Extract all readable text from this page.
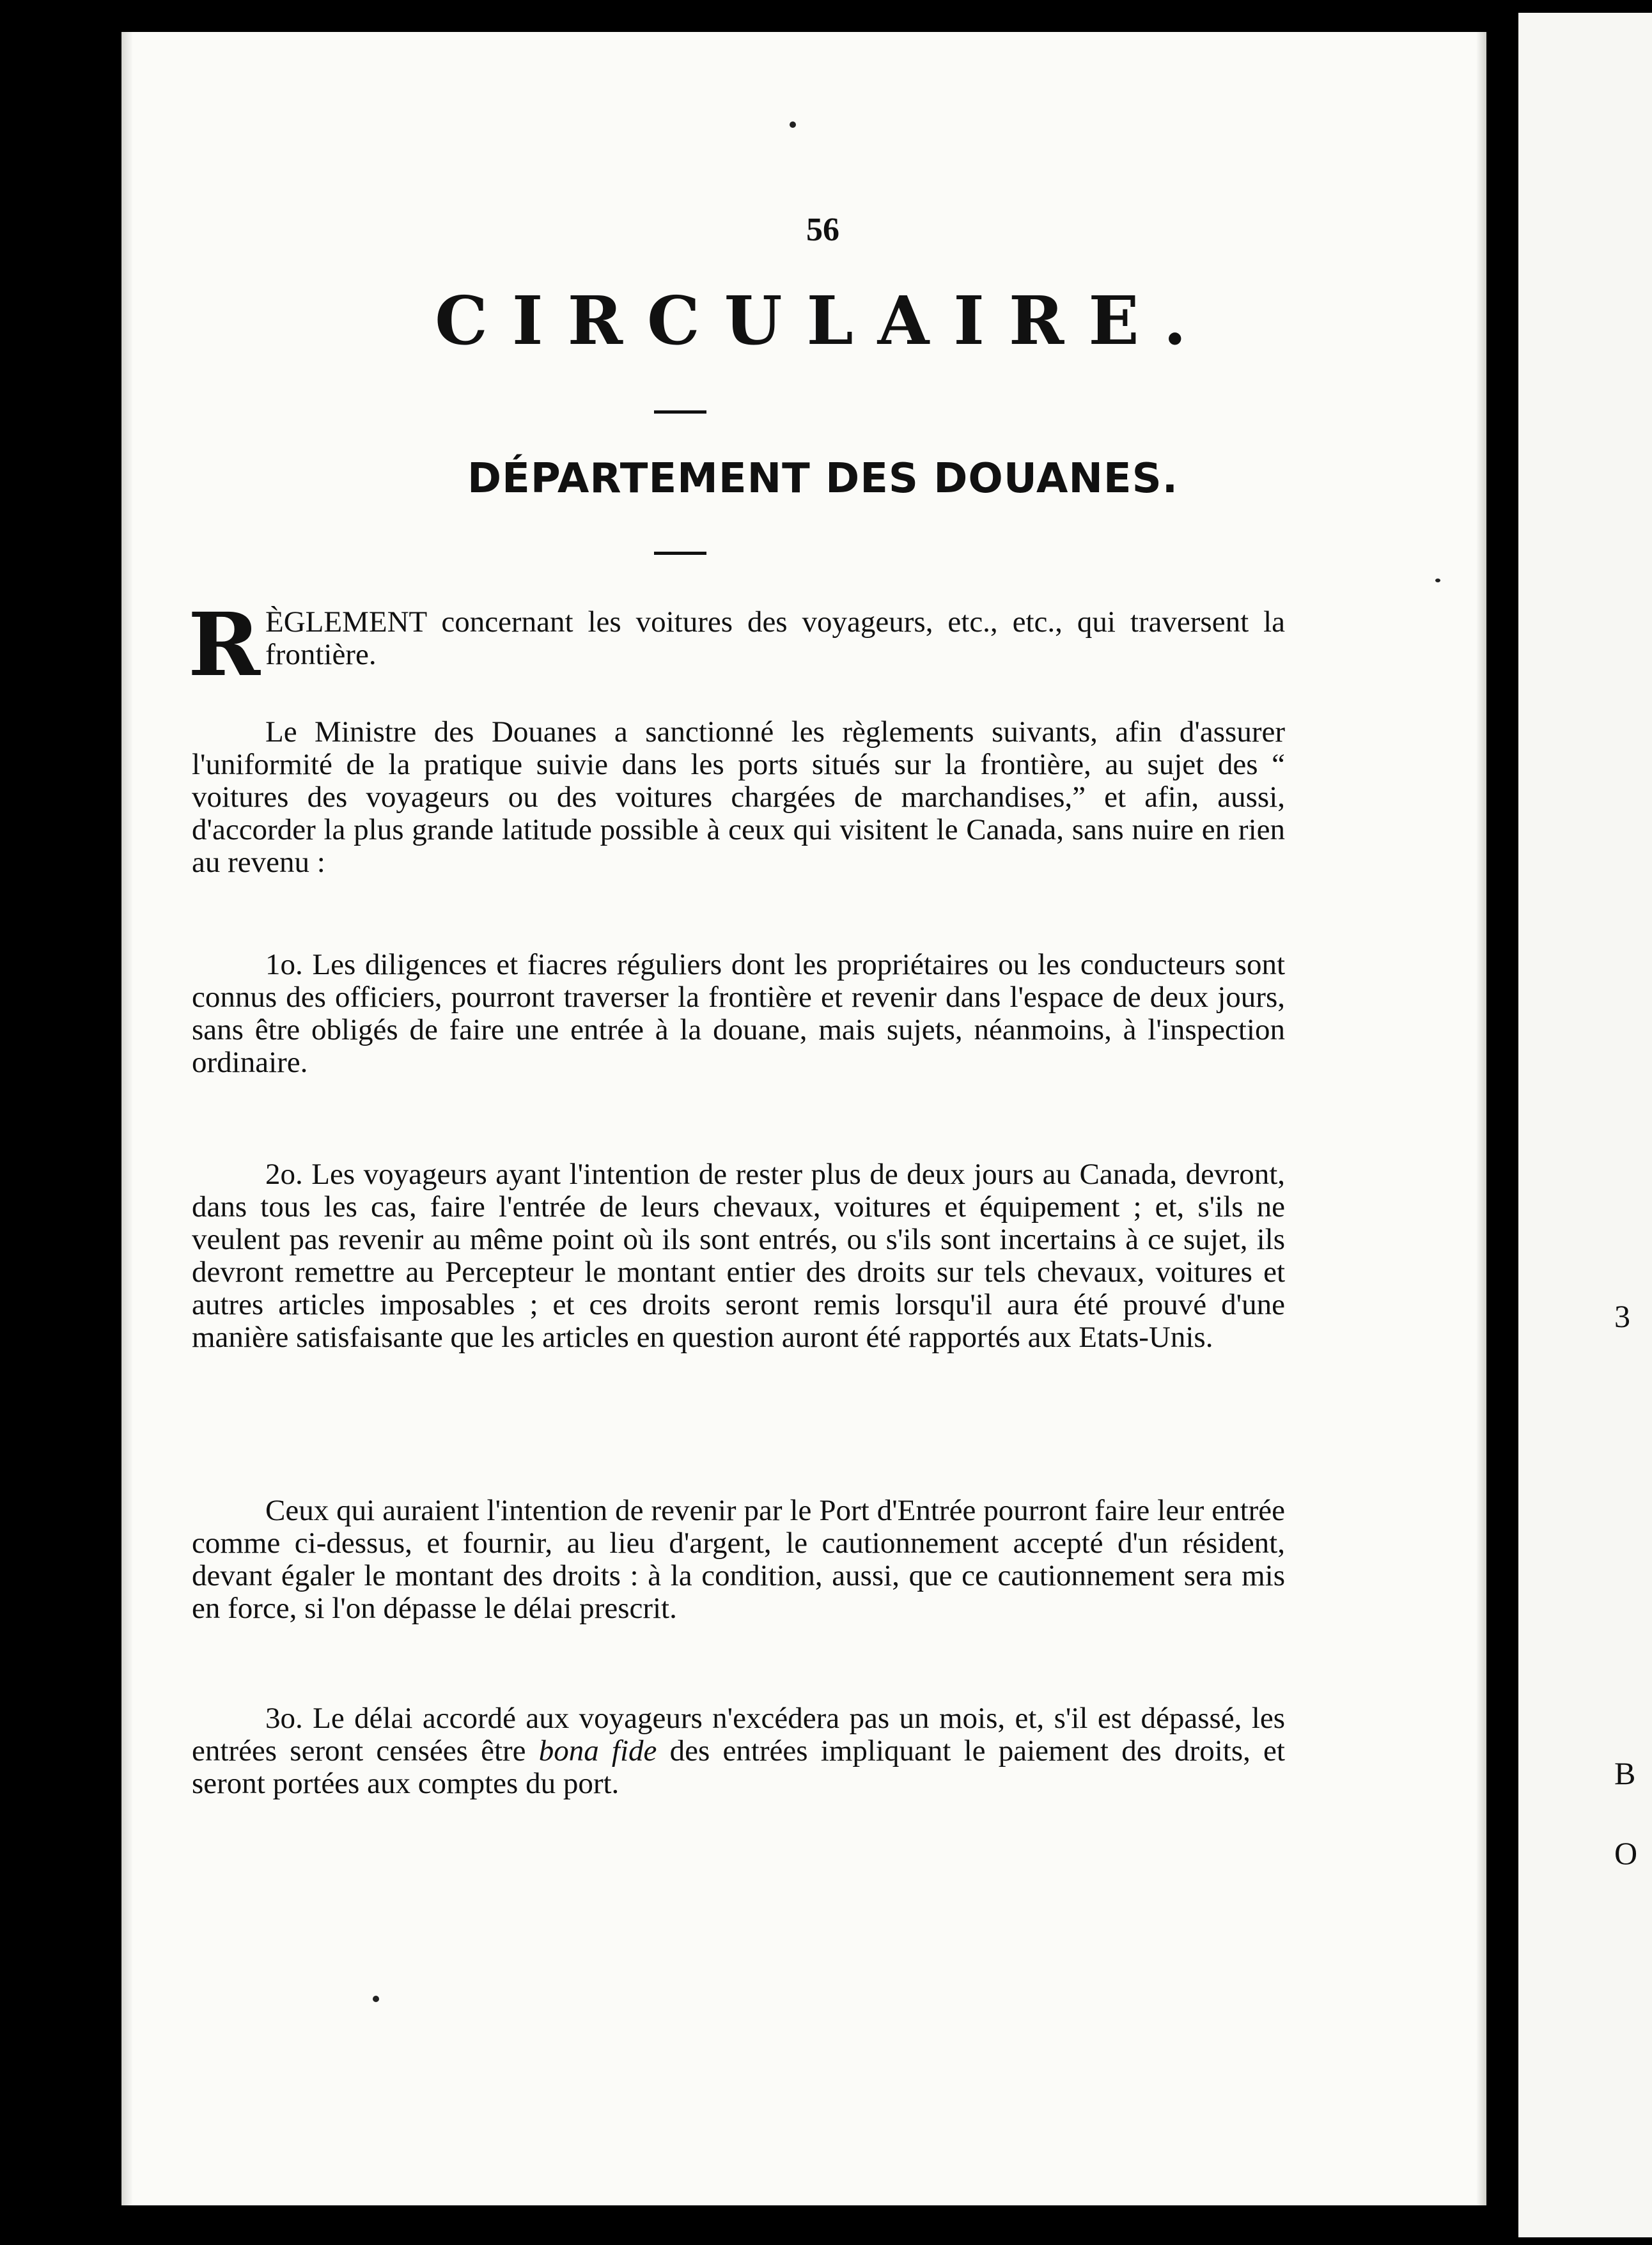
3
B
O
56
CIRCULAIRE.
DÉPARTEMENT DES DOUANES.
R ÈGLEMENT concernant les voitures des voyageurs, etc., etc., qui traversent la frontière.
Le Ministre des Douanes a sanctionné les règlements suivants, afin d'assurer l'uniformité de la pratique suivie dans les ports situés sur la frontière, au sujet des “ voitures des voyageurs ou des voitures chargées de marchandises,” et afin, aussi, d'accorder la plus grande latitude possible à ceux qui visitent le Canada, sans nuire en rien au revenu :
1o. Les diligences et fiacres réguliers dont les propriétaires ou les conducteurs sont connus des officiers, pourront traverser la frontière et revenir dans l'espace de deux jours, sans être obligés de faire une entrée à la douane, mais sujets, néanmoins, à l'inspection ordinaire.
2o. Les voyageurs ayant l'intention de rester plus de deux jours au Canada, devront, dans tous les cas, faire l'entrée de leurs chevaux, voitures et équipement ; et, s'ils ne veulent pas revenir au même point où ils sont entrés, ou s'ils sont incertains à ce sujet, ils devront remettre au Percepteur le montant entier des droits sur tels chevaux, voitures et autres articles imposables ; et ces droits seront remis lorsqu'il aura été prouvé d'une manière satisfaisante que les articles en question auront été rapportés aux Etats-Unis.
Ceux qui auraient l'intention de revenir par le Port d'Entrée pourront faire leur entrée comme ci-dessus, et fournir, au lieu d'argent, le cautionnement accepté d'un résident, devant égaler le montant des droits : à la condition, aussi, que ce cautionnement sera mis en force, si l'on dépasse le délai prescrit.
3o. Le délai accordé aux voyageurs n'excédera pas un mois, et, s'il est dépassé, les entrées seront censées être bona fide des entrées impliquant le paiement des droits, et seront portées aux comptes du port.
